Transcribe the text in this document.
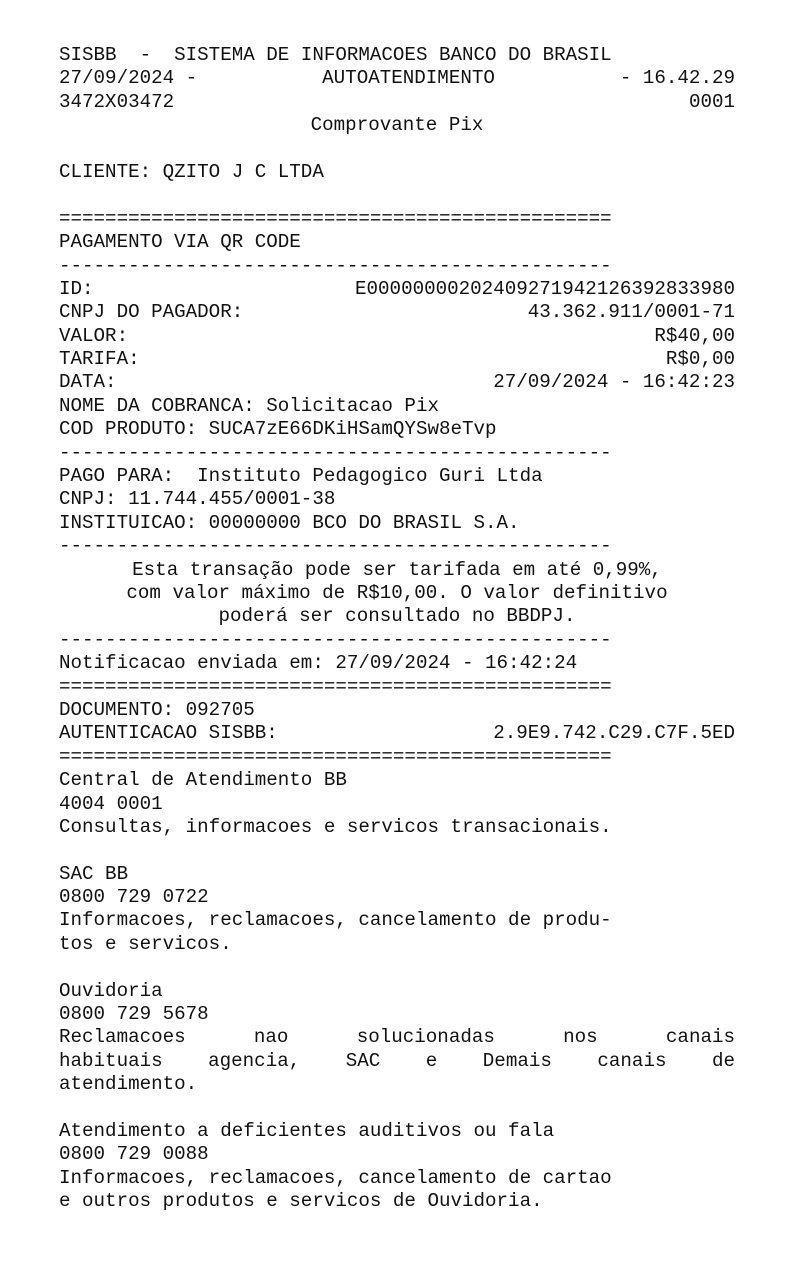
SISBB  -  SISTEMA DE INFORMACOES BANCO DO BRASIL
27/09/2024 -	AUTOATENDIMENTO	- 16.42.29
3472X03472	0001
Comprovante Pix
CLIENTE: QZITO J C LTDA

================================================
PAGAMENTO VIA QR CODE
------------------------------------------------
ID:	E00000000202409271942126392833980
CNPJ DO PAGADOR:	43.362.911/0001-71
VALOR:	R$40,00
TARIFA:	R$0,00
DATA:	27/09/2024 - 16:42:23
NOME DA COBRANCA: Solicitacao Pix
COD PRODUTO: SUCA7zE66DKiHSamQYSw8eTvp
------------------------------------------------
PAGO PARA:  Instituto Pedagogico Guri Ltda
CNPJ: 11.744.455/0001-38
INSTITUICAO: 00000000 BCO DO BRASIL S.A.
------------------------------------------------
Esta transação pode ser tarifada em até 0,99%,
com valor máximo de R$10,00. O valor definitivo
poderá ser consultado no BBDPJ.
------------------------------------------------
Notificacao enviada em: 27/09/2024 - 16:42:24
================================================
DOCUMENTO: 092705
AUTENTICACAO SISBB:	2.9E9.742.C29.C7F.5ED
================================================
Central de Atendimento BB
4004 0001
Consultas, informacoes e servicos transacionais.
SAC BB
0800 729 0722
Informacoes, reclamacoes, cancelamento de produ-
tos e servicos.
Ouvidoria
0800 729 5678
Reclamacoes nao solucionadas nos canais
habituais agencia, SAC e Demais canais de
atendimento.
Atendimento a deficientes auditivos ou fala
0800 729 0088
Informacoes, reclamacoes, cancelamento de cartao
e outros produtos e servicos de Ouvidoria.
